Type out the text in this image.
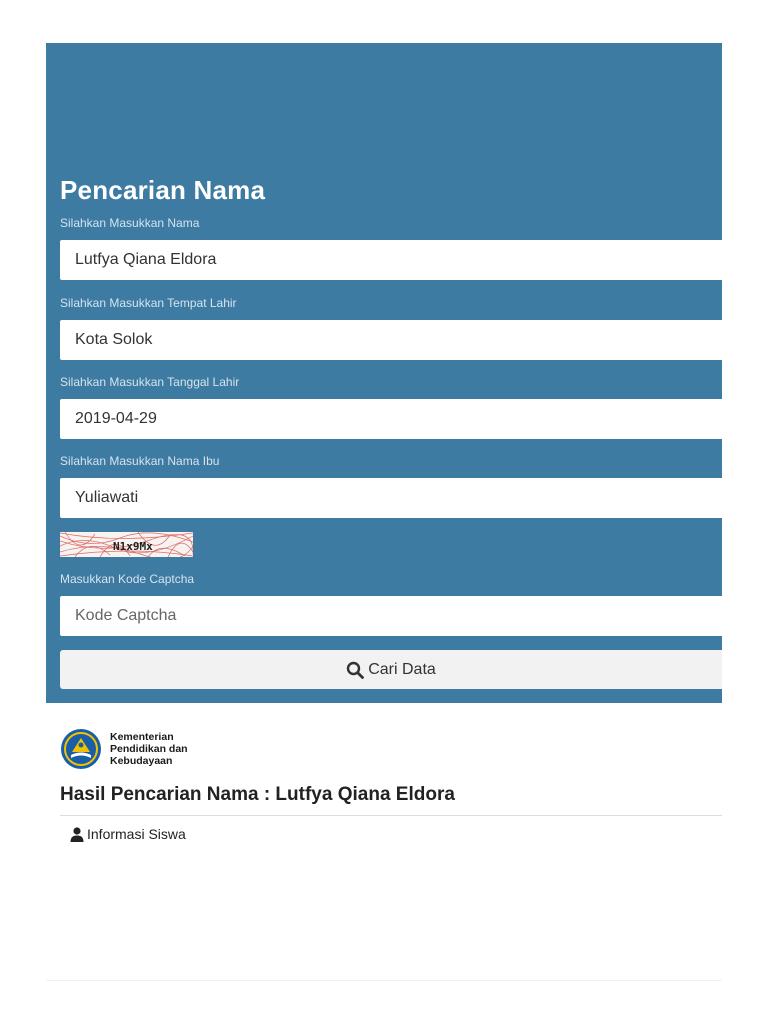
Pencarian Nama
Silahkan Masukkan Nama
Lutfya Qiana Eldora
Silahkan Masukkan Tempat Lahir
Kota Solok
Silahkan Masukkan Tanggal Lahir
2019-04-29
Silahkan Masukkan Nama Ibu
Yuliawati
N1x9Mx
Masukkan Kode Captcha
Kode Captcha
Cari Data
Kementerian
Pendidikan dan
Kebudayaan
Hasil Pencarian Nama : Lutfya Qiana Eldora
Informasi Siswa
